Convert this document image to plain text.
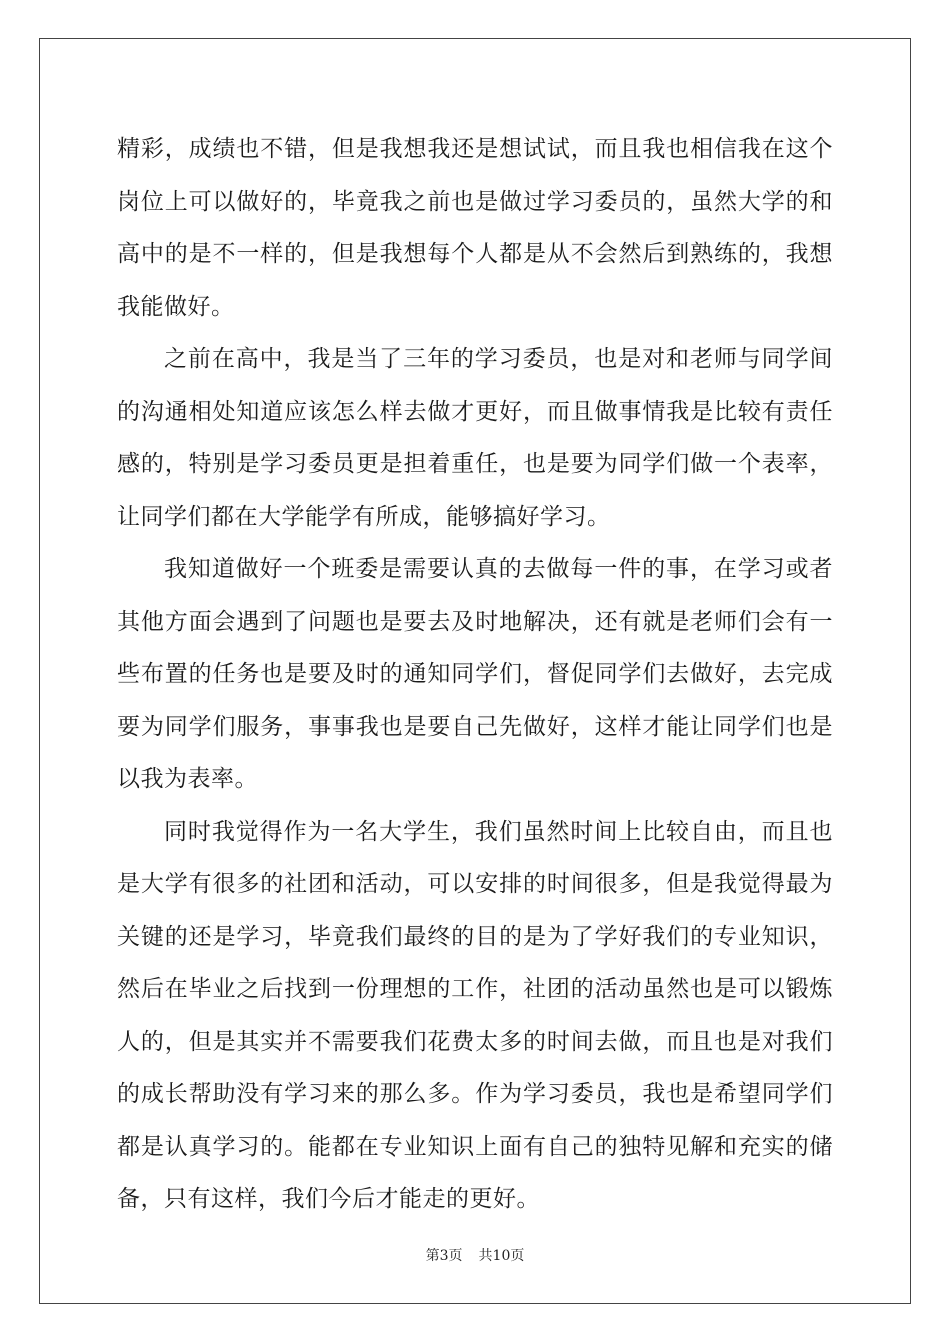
精彩，成绩也不错，但是我想我还是想试试，而且我也相信我在这个
岗位上可以做好的，毕竟我之前也是做过学习委员的，虽然大学的和
高中的是不一样的，但是我想每个人都是从不会然后到熟练的，我想
我能做好。
之前在高中，我是当了三年的学习委员，也是对和老师与同学间
的沟通相处知道应该怎么样去做才更好，而且做事情我是比较有责任
感的，特别是学习委员更是担着重任，也是要为同学们做一个表率，
让同学们都在大学能学有所成，能够搞好学习。
我知道做好一个班委是需要认真的去做每一件的事，在学习或者
其他方面会遇到了问题也是要去及时地解决，还有就是老师们会有一
些布置的任务也是要及时的通知同学们，督促同学们去做好，去完成
要为同学们服务，事事我也是要自己先做好，这样才能让同学们也是
以我为表率。
同时我觉得作为一名大学生，我们虽然时间上比较自由，而且也
是大学有很多的社团和活动，可以安排的时间很多，但是我觉得最为
关键的还是学习，毕竟我们最终的目的是为了学好我们的专业知识，
然后在毕业之后找到一份理想的工作，社团的活动虽然也是可以锻炼
人的，但是其实并不需要我们花费太多的时间去做，而且也是对我们
的成长帮助没有学习来的那么多。作为学习委员，我也是希望同学们
都是认真学习的。能都在专业知识上面有自己的独特见解和充实的储
备，只有这样，我们今后才能走的更好。
第3页 共10页
